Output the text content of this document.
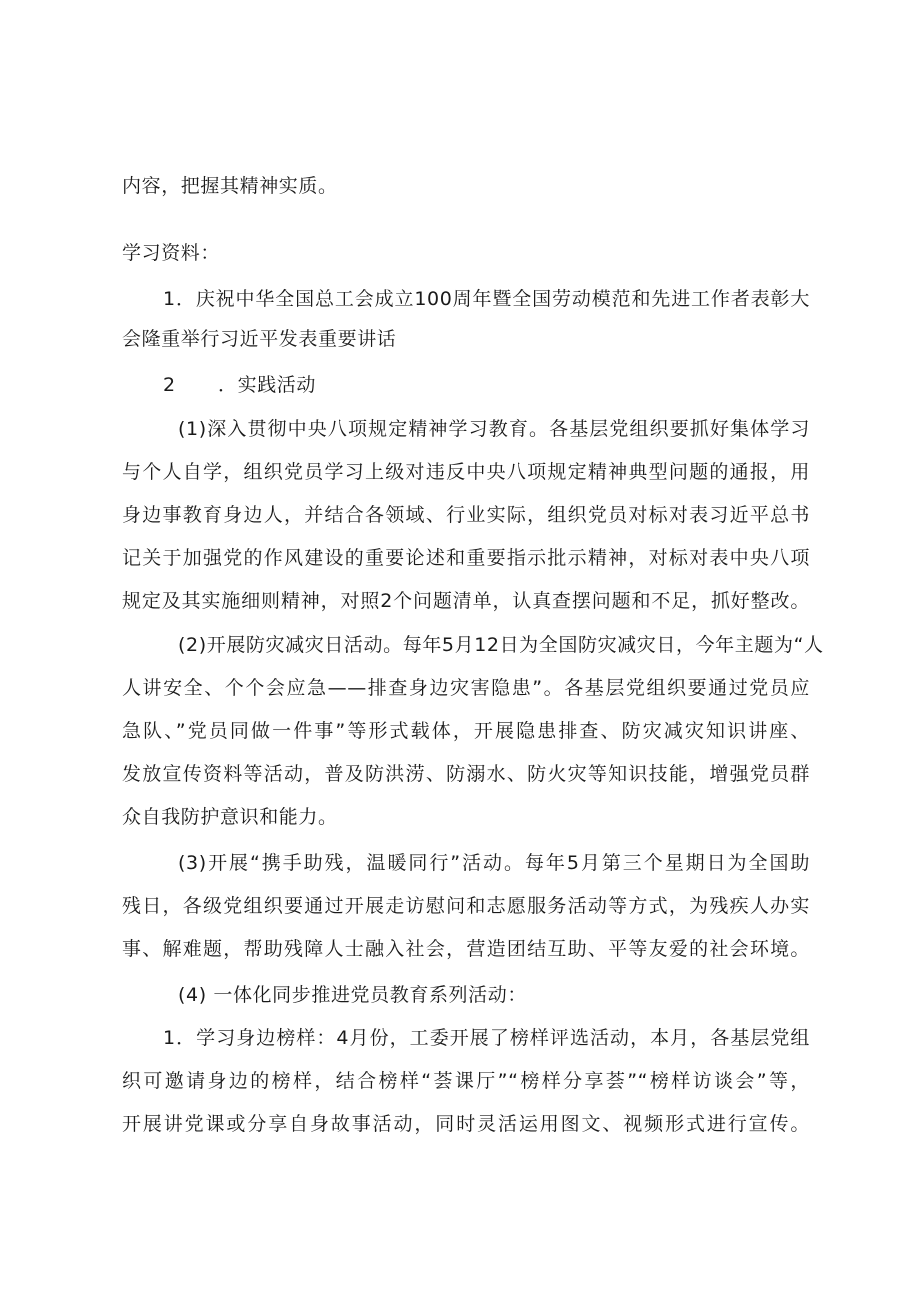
内容，把握其精神实质。
学习资料：
1．庆祝中华全国总工会成立100周年暨全国劳动模范和先进工作者表彰大
会隆重举行习近平发表重要讲话
2 ．实践活动
(1)深入贯彻中央八项规定精神学习教育。各基层党组织要抓好集体学习
与个人自学，组织党员学习上级对违反中央八项规定精神典型问题的通报，用
身边事教育身边人，并结合各领域、行业实际，组织党员对标对表习近平总书
记关于加强党的作风建设的重要论述和重要指示批示精神，对标对表中央八项
规定及其实施细则精神，对照2个问题清单，认真查摆问题和不足，抓好整改。
(2)开展防灾减灾日活动。每年5月12日为全国防灾减灾日，今年主题为“人
人讲安全、个个会应急——排查身边灾害隐患”。各基层党组织要通过党员应
急队、”党员同做一件事”等形式载体，开展隐患排查、防灾减灾知识讲座、
发放宣传资料等活动，普及防洪涝、防溺水、防火灾等知识技能，增强党员群
众自我防护意识和能力。
(3)开展“携手助残，温暖同行”活动。每年5月第三个星期日为全国助
残日，各级党组织要通过开展走访慰问和志愿服务活动等方式，为残疾人办实
事、解难题，帮助残障人士融入社会，营造团结互助、平等友爱的社会环境。
(4) 一体化同步推进党员教育系列活动：
1．学习身边榜样：4月份，工委开展了榜样评选活动，本月，各基层党组
织可邀请身边的榜样，结合榜样“荟课厅”“榜样分享荟”“榜样访谈会”等，
开展讲党课或分享自身故事活动，同时灵活运用图文、视频形式进行宣传。
